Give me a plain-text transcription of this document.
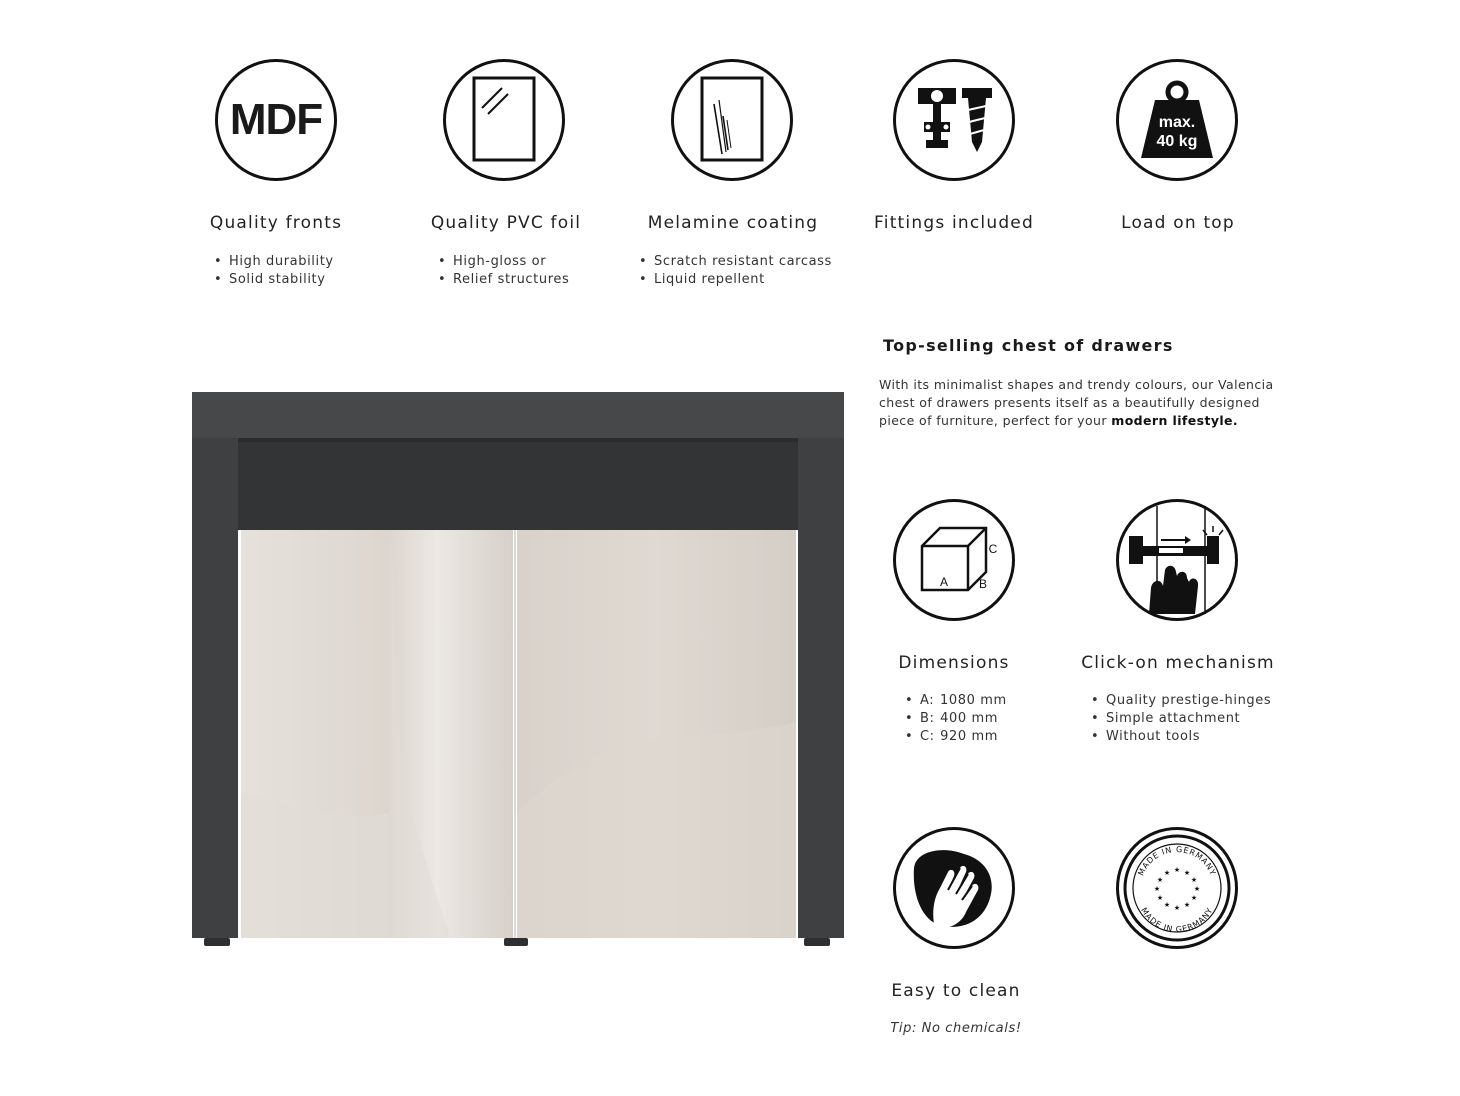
MDF	max.
40 kg
Quality fronts	Quality PVC foil	Melamine coating	Fittings included	Load on top
• High durability
• Solid stability
• High-gloss or
• Relief structures
• Scratch resistant carcass
• Liquid repellent
Top-selling chest of drawers

With its minimalist shapes and trendy colours, our Valencia chest of drawers presents itself as a beautifully designed piece of furniture, perfect for your modern lifestyle.

A	B
C
Dimensions
• A: 1080 mm
• B: 400 mm
• C: 920 mm
Click-on mechanism
• Quality prestige-hinges
• Simple attachment
• Without tools
Easy to clean
Tip: No chemicals!
MADE IN GERMANY
MADE IN GERMANY
★ ★
★
★
★
★
★
★
★
★
★
★
